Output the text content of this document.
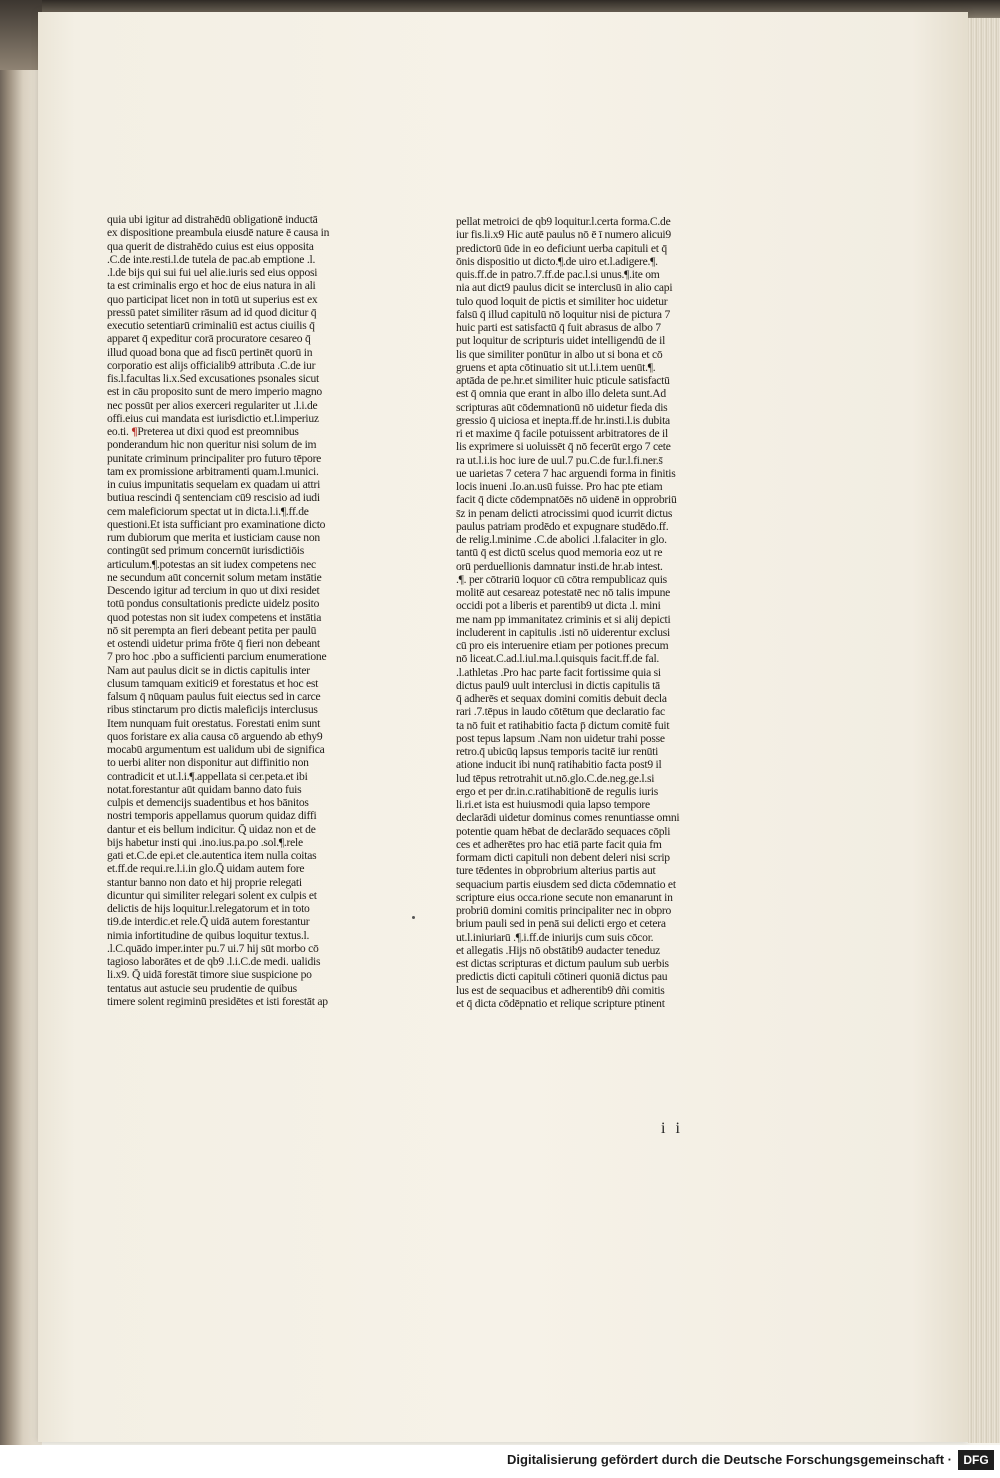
quia ubi igitur ad distrahēdū obligationē inductā
ex dispositione preambula eiusdē nature ē causa in
qua querit de distrahēdo cuius est eius opposita
.C.de inte.resti.l.de tutela de pac.ab emptione .l.
.l.de bijs qui sui fui uel alie.iuris sed eius opposi
ta est criminalis ergo et hoc de eius natura in ali
quo participat licet non in totū ut superius est ex
pressū patet similiter rāsum ad id quod dicitur q̄
executio setentiarū criminaliū est actus ciuilis q̄
apparet q̄ expeditur corā procuratore cesareo q̄
illud quoad bona que ad fiscū pertinēt quorū in
corporatio est alijs officialib9 attributa .C.de iur
fis.l.facultas li.x.Sed excusationes psonales sicut
est in cāu proposito sunt de mero imperio magno
nec possūt per alios exerceri regulariter ut .l.i.de
offi.eius cui mandata est iurisdictio et.l.imperiuz
eo.ti. ¶Preterea ut dixi quod est preomnibus
ponderandum hic non queritur nisi solum de im
punitate criminum principaliter pro futuro tēpore
tam ex promissione arbitramenti quam.l.munici.
in cuius impunitatis sequelam ex quadam ui attri
butiua rescindi q̄ sentenciam cū9 rescisio ad iudi
cem maleficiorum spectat ut in dicta.l.i.¶.ff.de
questioni.Et ista sufficiant pro examinatione dicto
rum dubiorum que merita et iusticiam cause non
contingūt sed primum concernūt iurisdictiōis
articulum.¶.potestas an sit iudex competens nec
ne secundum aūt concernit solum metam instātie
Descendo igitur ad tercium in quo ut dixi residet
totū pondus consultationis predicte uidelz posito
quod potestas non sit iudex competens et instātia
nō sit perempta an fieri debeant petita per paulū
et ostendi uidetur prima frōte q̄ fieri non debeant
7 pro hoc .pbo a sufficienti parcium enumeratione
Nam aut paulus dicit se in dictis capitulis inter
clusum tamquam exitici9 et forestatus et hoc est
falsum q̄ nūquam paulus fuit eiectus sed in carce
ribus stinctarum pro dictis maleficijs interclusus
Item nunquam fuit orestatus. Forestati enim sunt
quos foristare ex alia causa cō arguendo ab ethy9
mocabū argumentum est ualidum ubi de significa
to uerbi aliter non disponitur aut diffinitio non
contradicit et ut.l.i.¶.appellata si cer.peta.et ibi
notat.forestantur aūt quidam banno dato fuis
culpis et demencijs suadentibus et hos bānitos
nostri temporis appellamus quorum quidaz diffi
dantur et eis bellum indicitur. Q̄ uidaz non et de
bijs habetur insti qui .ino.ius.pa.po .sol.¶.rele
gati et.C.de epi.et cle.autentica item nulla coitas
et.ff.de requi.re.l.i.in glo.Q̄ uidam autem fore
stantur banno non dato et hij proprie relegati
dicuntur qui similiter relegari solent ex culpis et
delictis de hijs loquitur.l.relegatorum et in toto
ti9.de interdic.et rele.Q̄ uidā autem forestantur
nimia infortitudine de quibus loquitur textus.l.
.l.C.quādo imper.inter pu.7 ui.7 hij sūt morbo cō
tagioso laborātes et de qb9 .l.i.C.de medi. ualidis
li.x9. Q̄ uidā forestāt timore siue suspicione po
tentatus aut astucie seu prudentie de quibus
timere solent regiminū presidētes et isti forestāt ap
pellat metroici de qb9 loquitur.l.certa forma.C.de
iur fis.li.x9 Hic autē paulus nō ē ī numero alicui9
predictorū ūde in eo deficiunt uerba capituli et q̄
ōnis dispositio ut dicto.¶.de uiro et.l.adigere.¶.
quis.ff.de in patro.7.ff.de pac.l.si unus.¶.ite om
nia aut dict9 paulus dicit se interclusū in alio capi
tulo quod loquit de pictis et similiter hoc uidetur
falsū q̄ illud capitulū nō loquitur nisi de pictura 7
huic parti est satisfactū q̄ fuit abrasus de albo 7
put loquitur de scripturis uidet intelligendū de il
lis que similiter ponūtur in albo ut si bona et cō
gruens et apta cōtinuatio sit ut.l.i.tem uenūt.¶.
aptāda de pe.hr.et similiter huic pticule satisfactū
est q̄ omnia que erant in albo illo deleta sunt.Ad
scripturas aūt cōdemnationū nō uidetur fieda dis
gressio q̄ uiciosa et inepta.ff.de hr.insti.l.is dubita
ri et maxime q̄ facile potuissent arbitratores de il
lis exprimere si uoluissēt q̄ nō fecerūt ergo 7 cete
ra ut.l.i.is hoc iure de uul.7 pu.C.de fur.l.fi.ner.s̄
ue uarietas 7 cetera 7 hac arguendi forma in finitis
locis inueni .Io.an.usū fuisse. Pro hac pte etiam
facit q̄ dicte cōdempnatōēs nō uidenē in opprobriū
s̄z in penam delicti atrocissimi quod icurrit dictus
paulus patriam prodēdo et expugnare studēdo.ff.
de relig.l.minime .C.de abolici .l.falaciter in glo.
tantū q̄ est dictū scelus quod memoria eoz ut re
orū perduellionis damnatur insti.de hr.ab intest.
.¶. per cōtrariū loquor cū cōtra rempublicaz quis
molitē aut cesareaz potestatē nec nō talis impune
occidi pot a liberis et parentib9 ut dicta .l. mini
me nam pp immanitatez criminis et si alij depicti
includerent in capitulis .isti nō uiderentur exclusi
cū pro eis interuenire etiam per potiones precum
nō liceat.C.ad.l.iul.ma.l.quisquis facit.ff.de fal.
.l.athletas .Pro hac parte facit fortissime quia si
dictus paul9 uult interclusi in dictis capitulis tā
q̄ adherēs et sequax domini comitis debuit decla
rari .7.tēpus in laudo cōtētum que declaratio fac
ta nō fuit et ratihabitio facta p̄ dictum comitē fuit
post tepus lapsum .Nam non uidetur trahi posse
retro.q̄ ubicūq lapsus temporis tacitē iur renūti
atione inducit ibi nunq̄ ratihabitio facta post9 il
lud tēpus retrotrahit ut.nō.glo.C.de.neg.ge.l.si
ergo et per dr.in.c.ratihabitionē de regulis iuris
li.ri.et ista est huiusmodi quia lapso tempore
declarādi uidetur dominus comes renuntiasse omni
potentie quam hēbat de declarādo sequaces cōpli
ces et adherētes pro hac etiā parte facit quia fm
formam dicti capituli non debent deleri nisi scrip
ture tēdentes in obprobrium alterius partis aut
sequacium partis eiusdem sed dicta cōdemnatio et
scripture eius occa.rione secute non emanarunt in
probriū domini comitis principaliter nec in obpro
brium pauli sed in penā sui delicti ergo et cetera
ut.l.iniuriarū .¶.i.ff.de iniurijs cum suis cōcor.
et allegatis .Hijs nō obstātib9 audacter teneduz
est dictas scripturas et dictum paulum sub uerbis
predictis dicti capituli cōtineri quoniā dictus pau
lus est de sequacibus et adherentib9 dñi comitis
et q̄ dicta cōdēpnatio et relique scripture ptinent
i i
Digitalisierung gefördert durch die Deutsche Forschungsgemeinschaft · DFG
